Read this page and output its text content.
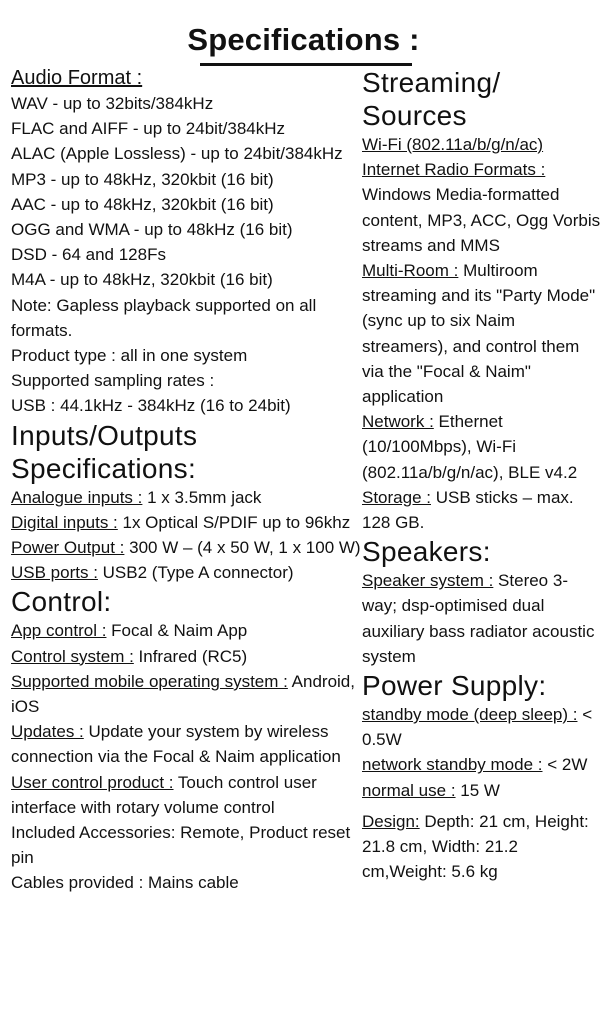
Specifications :

Audio Format :

WAV - up to 32bits/384kHz

FLAC and AIFF - up to 24bit/384kHz

ALAC (Apple Lossless) - up to 24bit/384kHz

MP3 - up to 48kHz, 320kbit (16 bit)

AAC - up to 48kHz, 320kbit (16 bit)

OGG and WMA - up to 48kHz (16 bit)

DSD - 64 and 128Fs

M4A - up to 48kHz, 320kbit (16 bit)

Note: Gapless playback supported on all formats.

Product type : all in one system

Supported sampling rates :

USB : 44.1kHz - 384kHz (16 to 24bit)

Inputs/Outputs

Specifications:

Analogue inputs : 1 x 3.5mm jack

Digital inputs : 1x Optical S/PDIF up to 96khz

Power Output : 300 W – (4 x 50 W, 1 x 100 W)

USB ports : USB2 (Type A connector)

Control:

App control : Focal & Naim App

Control system : Infrared (RC5)

Supported mobile operating system : Android, iOS

Updates : Update your system by wireless connection via the Focal & Naim application

User control product : Touch control user interface with rotary volume control

Included Accessories: Remote, Product reset pin

Cables provided : Mains cable

Streaming/

Sources

Wi-Fi (802.11a/b/g/n/ac)

Internet Radio Formats : Windows Media-formatted content, MP3, ACC, Ogg Vorbis streams and MMS

Multi-Room : Multiroom streaming and its "Party Mode" (sync up to six Naim streamers), and control them via the "Focal & Naim" application

Network : Ethernet (10/100Mbps), Wi-Fi (802.11a/b/g/n/ac), BLE v4.2

Storage : USB sticks – max. 128 GB.

Speakers:

Speaker system : Stereo 3-way; dsp-optimised dual auxiliary bass radiator acoustic system

Power Supply:

standby mode (deep sleep) : < 0.5W

network standby mode : < 2W

normal use : 15 W

Design: Depth: 21 cm, Height: 21.8 cm, Width: 21.2 cm,Weight: 5.6 kg
